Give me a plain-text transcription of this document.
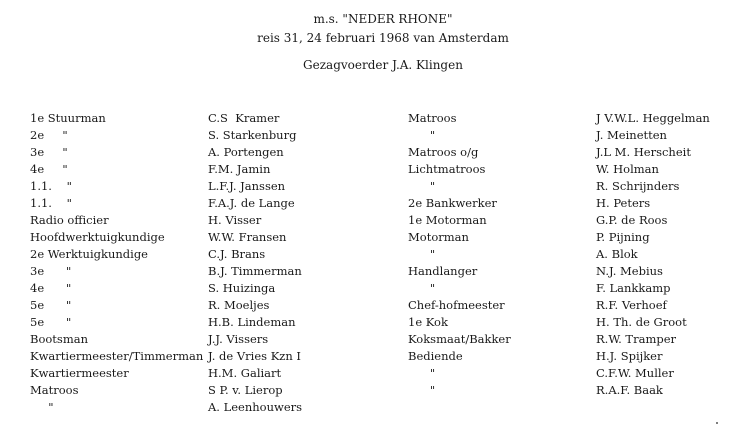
m.s. "NEDER RHONE"
reis 31, 24 februari 1968 van Amsterdam
Gezagvoerder J.A. Klingen
1e Stuurman
2e     "
3e     "
4e     "
1.1.    "
1.1.    "
Radio officier
Hoofdwerktuigkundige
2e Werktuigkundige
3e      "
4e      "
5e      "
5e      "
Bootsman
Kwartiermeester/Timmerman
Kwartiermeester
Matroos
"
C.S  Kramer
S. Starkenburg
A. Portengen
F.M. Jamin
L.F.J. Janssen
F.A.J. de Lange
H. Visser
W.W. Fransen
C.J. Brans
B.J. Timmerman
S. Huizinga
R. Moeljes
H.B. Lindeman
J.J. Vissers
J. de Vries Kzn I
H.M. Galiart
S P. v. Lierop
A. Leenhouwers
Matroos
"
Matroos o/g
Lichtmatroos
"
2e Bankwerker
1e Motorman
Motorman
"
Handlanger
"
Chef-hofmeester
1e Kok
Koksmaat/Bakker
Bediende
"
"
J V.W.L. Heggelman
J. Meinetten
J.L M. Herscheit
W. Holman
R. Schrijnders
H. Peters
G.P. de Roos
P. Pijning
A. Blok
N.J. Mebius
F. Lankkamp
R.F. Verhoef
H. Th. de Groot
R.W. Tramper
H.J. Spijker
C.F.W. Muller
R.A.F. Baak
